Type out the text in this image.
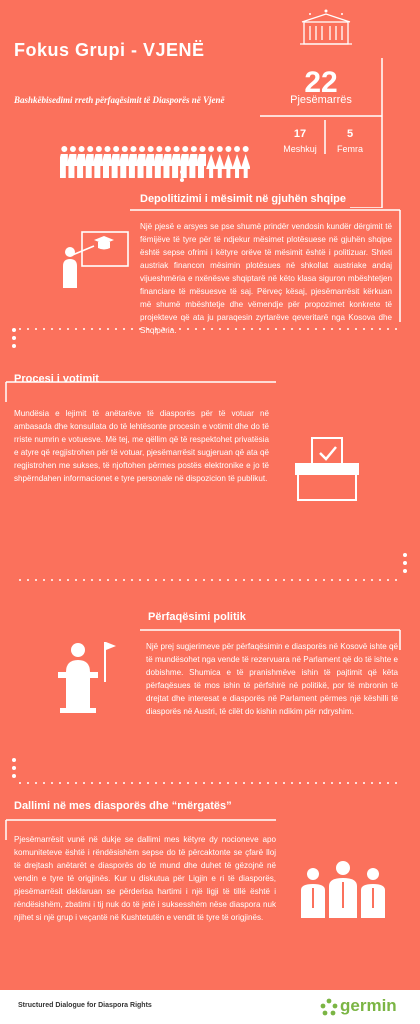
Fokus Grupi - VJENË
Bashkëbisedimi rreth përfaqësimit të Diasporës në Vjenë
22
Pjesëmarrës
17
Meshkuj
5
Femra
Depolitizimi i mësimit në gjuhën shqipe
Një pjesë e arsyes se pse shumë prindër vendosin kundër dërgimit të fëmijëve të tyre për të ndjekur mësimet plotësuese në gjuhën shqipe është sepse ofrimi i këtyre orëve të mësimit është i politizuar. Shteti austriak financon mësimin plotësues në shkollat austriake andaj vijueshmëria e nxënësve shqiptarë në këto klasa siguron mbështetjen financiare të mësuesve të saj. Përveç kësaj, pjesëmarrësit kërkuan më shumë mbështetje dhe vëmendje për propozimet konkrete të projekteve që ata ju paraqesin zyrtarëve qeveritarë nga Kosova dhe Shqipëria.
Procesi i votimit
Mundësia e lejimit të anëtarëve të diasporës për të votuar në ambasada dhe konsullata do të lehtësonte procesin e votimit dhe do të rriste numrin e votuesve. Më tej, me qëllim që të respektohet privatësia e atyre që regjistrohen për të votuar, pjesëmarrësit sugjeruan që ata që regjistrohen me sukses, të njoftohen përmes postës elektronike e jo të shpërndahen informacionet e tyre personale në dispozicion të publikut.
Përfaqësimi politik
Një prej sugjerimeve për përfaqësimin e diasporës në Kosovë ishte që të mundësohet nga vende të rezervuara në Parlament që do të ishte e dobishme. Shumica e të pranishmëve ishin të pajtimit që këta përfaqësues të mos ishin të përfshirë në politikë, por të mbronin të drejtat dhe interesat e diasporës në Parlament përmes një këshilli të diasporës në Austri, të cilët do kishin ndikim për ndryshim.
Dallimi në mes diasporës dhe “mërgatës”
Pjesëmarrësit vunë në dukje se dallimi mes këtyre dy nocioneve apo komuniteteve është i rëndësishëm sepse do të përcaktonte se çfarë lloj të drejtash anëtarët e diasporës do të mund dhe duhet të gëzojnë në vendin e tyre të origjinës. Kur u diskutua për Ligjin e ri të diasporës, pjesëmarrësit deklaruan se përderisa hartimi i një ligji të tillë është i rëndësishëm, zbatimi i tij nuk do të jetë i suksesshëm nëse diaspora nuk njihet si një grup i veçantë në Kushtetutën e vendit të tyre të origjinës.
Structured Dialogue for Diaspora Rights	germin
